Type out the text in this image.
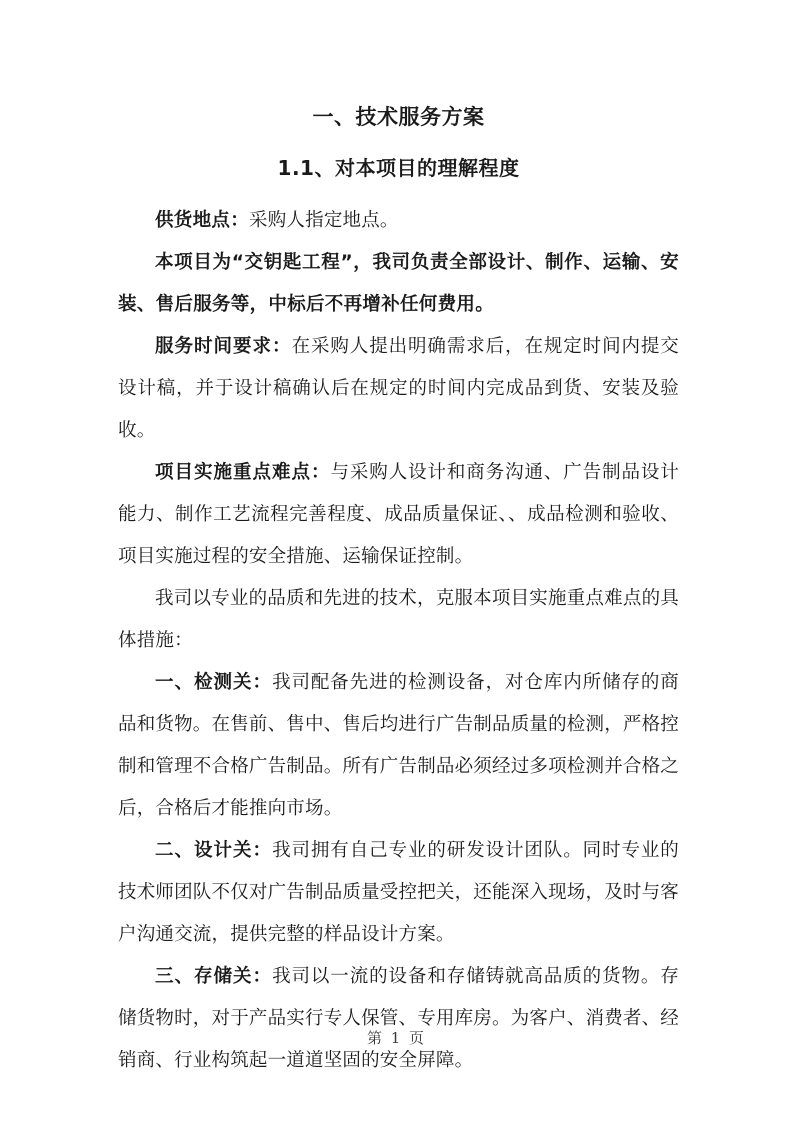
一、技术服务方案
1.1、对本项目的理解程度

供货地点：采购人指定地点。

本项目为“交钥匙工程”，我司负责全部设计、制作、运输、安装、售后服务等，中标后不再增补任何费用。

服务时间要求：在采购人提出明确需求后，在规定时间内提交设计稿，并于设计稿确认后在规定的时间内完成品到货、安装及验收。

项目实施重点难点：与采购人设计和商务沟通、广告制品设计能力、制作工艺流程完善程度、成品质量保证、、成品检测和验收、项目实施过程的安全措施、运输保证控制。

我司以专业的品质和先进的技术，克服本项目实施重点难点的具体措施：

一、检测关：我司配备先进的检测设备，对仓库内所储存的商品和货物。在售前、售中、售后均进行广告制品质量的检测，严格控制和管理不合格广告制品。所有广告制品必须经过多项检测并合格之后，合格后才能推向市场。

二、设计关：我司拥有自己专业的研发设计团队。同时专业的技术师团队不仅对广告制品质量受控把关，还能深入现场，及时与客户沟通交流，提供完整的样品设计方案。

三、存储关：我司以一流的设备和存储铸就高品质的货物。存储货物时，对于产品实行专人保管、专用库房。为客户、消费者、经销商、行业构筑起一道道坚固的安全屏障。

第 1 页
